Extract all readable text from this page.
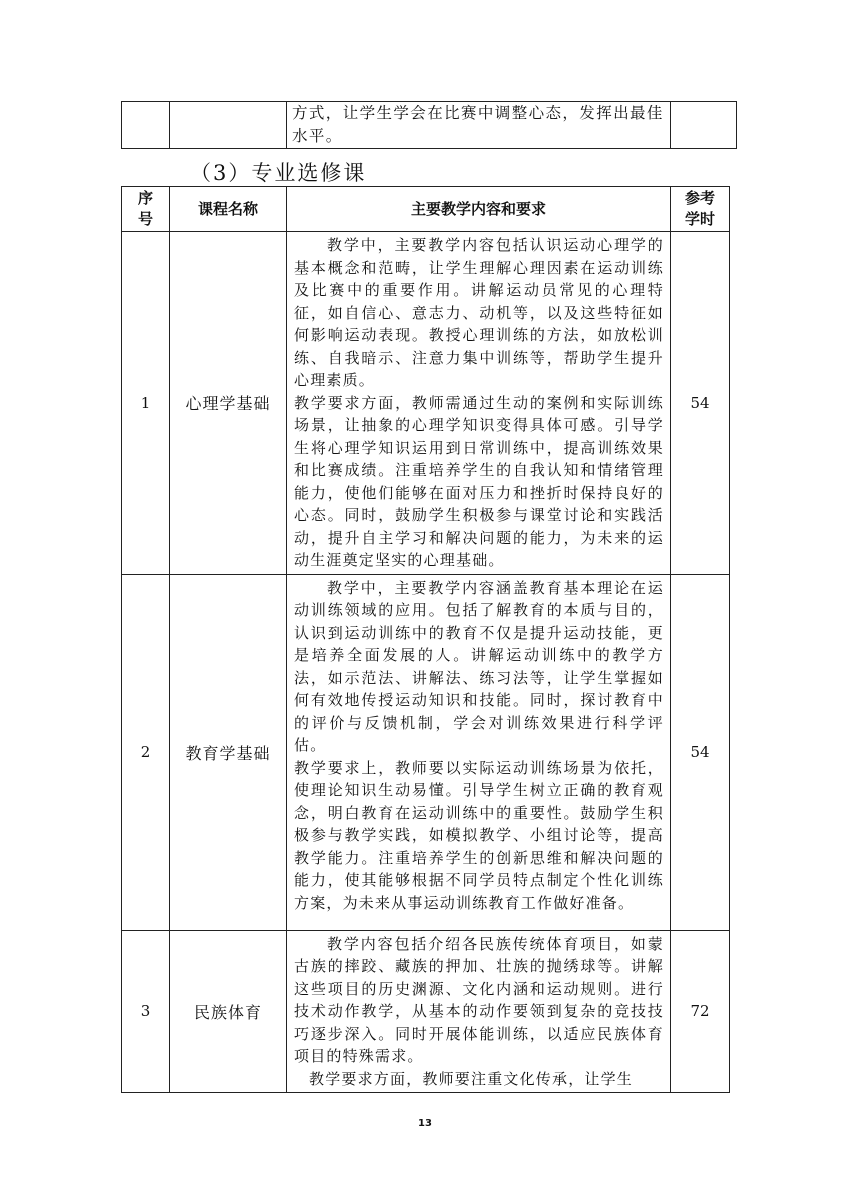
		方式，让学生学会在比赛中调整心态，发挥出最佳水平。	
（3）专业选修课
序号	课程名称	主要教学内容和要求	参考学时

1	心理学基础	教学中，主要教学内容包括认识运动心理学的基本概念和范畴，让学生理解心理因素在运动训练及比赛中的重要作用。讲解运动员常见的心理特征，如自信心、意志力、动机等，以及这些特征如何影响运动表现。教授心理训练的方法，如放松训练、自我暗示、注意力集中训练等，帮助学生提升心理素质。

教学要求方面，教师需通过生动的案例和实际训练场景，让抽象的心理学知识变得具体可感。引导学生将心理学知识运用到日常训练中，提高训练效果和比赛成绩。注重培养学生的自我认知和情绪管理能力，使他们能够在面对压力和挫折时保持良好的心态。同时，鼓励学生积极参与课堂讨论和实践活动，提升自主学习和解决问题的能力，为未来的运动生涯奠定坚实的心理基础。	54
2	教育学基础	教学中，主要教学内容涵盖教育基本理论在运动训练领域的应用。包括了解教育的本质与目的，认识到运动训练中的教育不仅是提升运动技能，更是培养全面发展的人。讲解运动训练中的教学方法，如示范法、讲解法、练习法等，让学生掌握如何有效地传授运动知识和技能。同时，探讨教育中的评价与反馈机制，学会对训练效果进行科学评估。

教学要求上，教师要以实际运动训练场景为依托，使理论知识生动易懂。引导学生树立正确的教育观念，明白教育在运动训练中的重要性。鼓励学生积极参与教学实践，如模拟教学、小组讨论等，提高教学能力。注重培养学生的创新思维和解决问题的能力，使其能够根据不同学员特点制定个性化训练方案，为未来从事运动训练教育工作做好准备。	54
3	民族体育	教学内容包括介绍各民族传统体育项目，如蒙古族的摔跤、藏族的押加、壮族的抛绣球等。讲解这些项目的历史渊源、文化内涵和运动规则。进行技术动作教学，从基本的动作要领到复杂的竞技技巧逐步深入。同时开展体能训练，以适应民族体育项目的特殊需求。

教学要求方面，教师要注重文化传承，让学生	72
13
